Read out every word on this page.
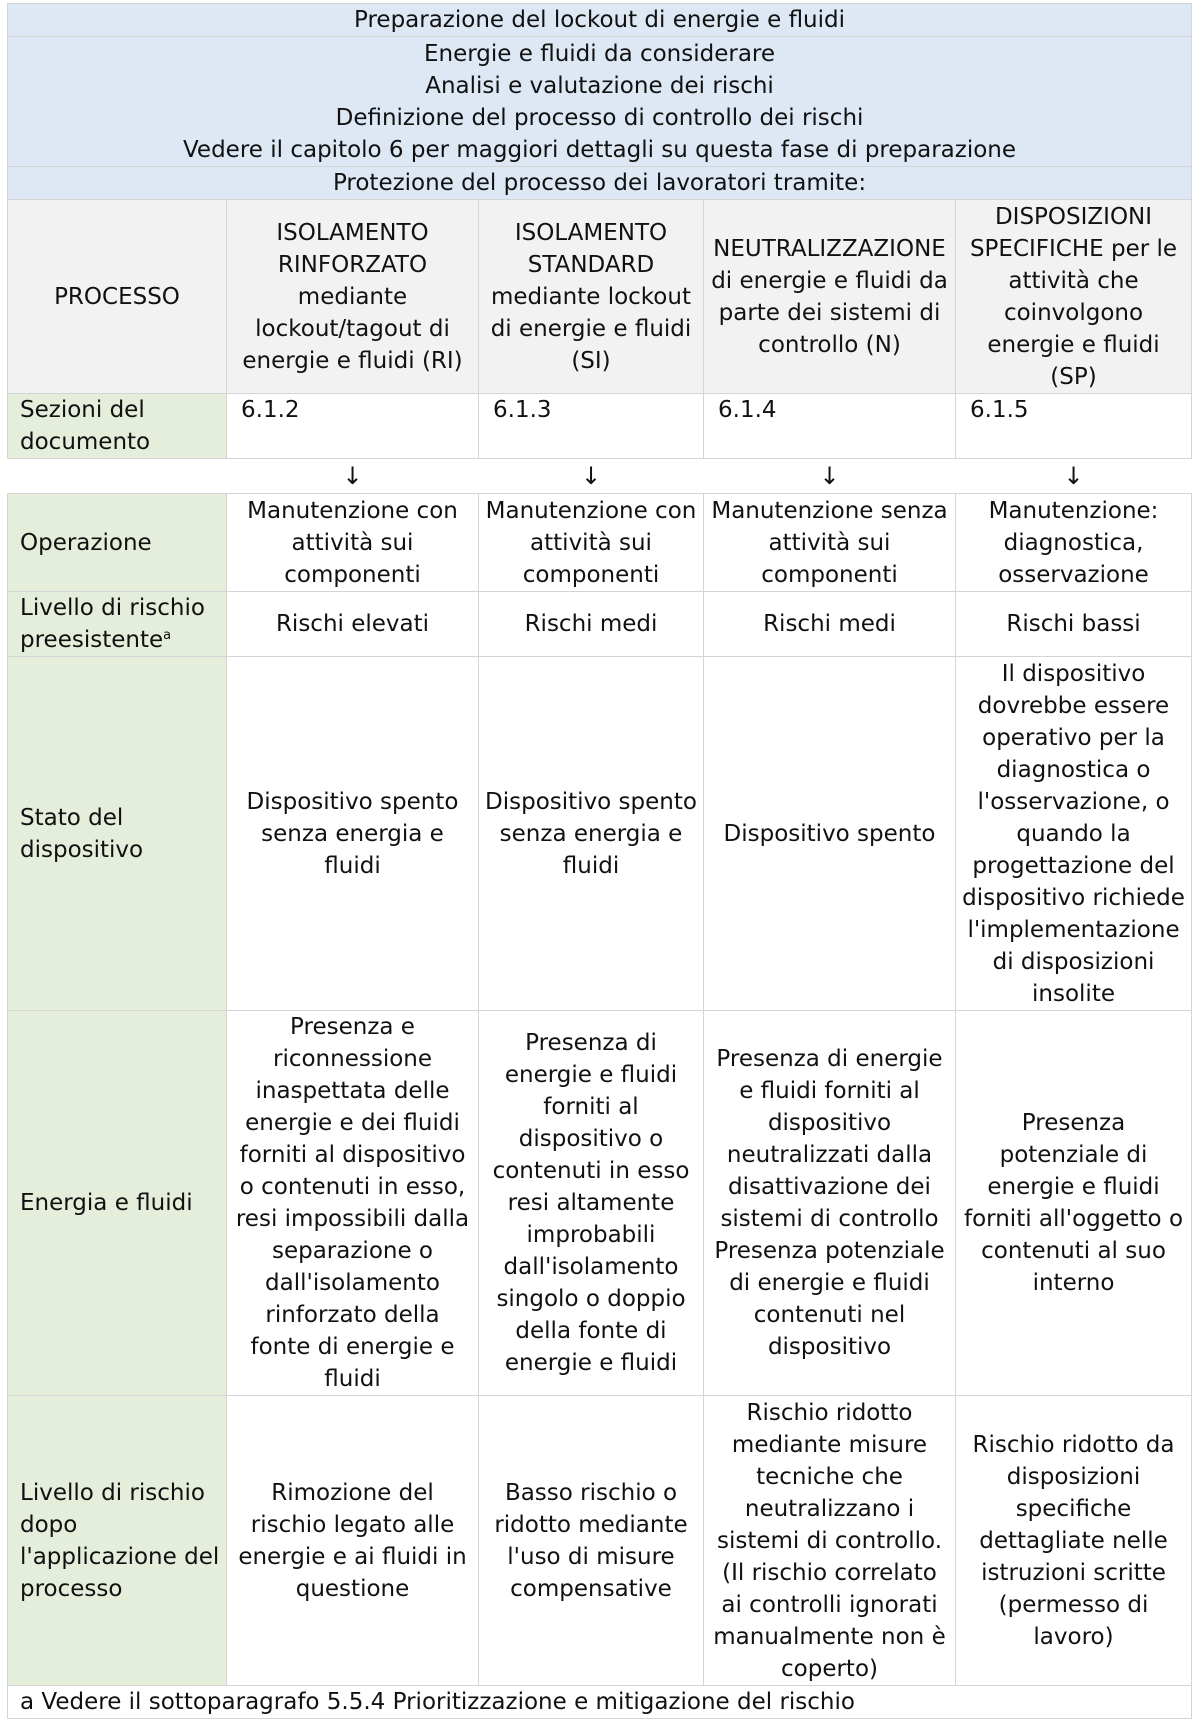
Preparazione del lockout di energie e fluidi				

Energie e fluidi da considerare
Analisi e valutazione dei rischi
Definizione del processo di controllo dei rischi
Vedere il capitolo 6 per maggiori dettagli su questa fase di preparazione				

Protezione del processo dei lavoratori tramite:				
PROCESSO	ISOLAMENTO RINFORZATO mediante lockout/tagout di energie e fluidi (RI)	ISOLAMENTO STANDARD mediante lockout di energie e fluidi (SI)	NEUTRALIZZAZIONE di energie e fluidi da parte dei sistemi di controllo (N)	DISPOSIZIONI SPECIFICHE per le attività che coinvolgono energie e fluidi (SP)
Sezioni del documento	6.1.2	6.1.3	6.1.4	6.1.5
	↓	↓	↓	↓
Operazione	Manutenzione con attività sui componenti	Manutenzione con attività sui componenti	Manutenzione senza attività sui componenti	Manutenzione: diagnostica, osservazione
Livello di rischio preesistente$^a$	Rischi elevati	Rischi medi	Rischi medi	Rischi bassi
Stato del dispositivo	Dispositivo spento senza energia e fluidi	Dispositivo spento senza energia e fluidi	Dispositivo spento	Il dispositivo dovrebbe essere operativo per la diagnostica o l'osservazione, o quando la progettazione del dispositivo richiede l'implementazione di disposizioni insolite
Energia e fluidi	Presenza e riconnessione inaspettata delle energie e dei fluidi forniti al dispositivo o contenuti in esso, resi impossibili dalla separazione o dall'isolamento rinforzato della fonte di energie e fluidi	Presenza di energie e fluidi forniti al dispositivo o contenuti in esso resi altamente improbabili dall'isolamento singolo o doppio della fonte di energie e fluidi	Presenza di energie e fluidi forniti al dispositivo neutralizzati dalla disattivazione dei sistemi di controllo Presenza potenziale di energie e fluidi contenuti nel dispositivo	Presenza potenziale di energie e fluidi forniti all'oggetto o contenuti al suo interno
Livello di rischio dopo l'applicazione del processo	Rimozione del rischio legato alle energie e ai fluidi in questione	Basso rischio o ridotto mediante l'uso di misure compensative	Rischio ridotto mediante misure tecniche che neutralizzano i sistemi di controllo. (Il rischio correlato ai controlli ignorati manualmente non è coperto)	Rischio ridotto da disposizioni specifiche dettagliate nelle istruzioni scritte (permesso di lavoro)
a Vedere il sottoparagrafo 5.5.4 Prioritizzazione e mitigazione del rischio				
